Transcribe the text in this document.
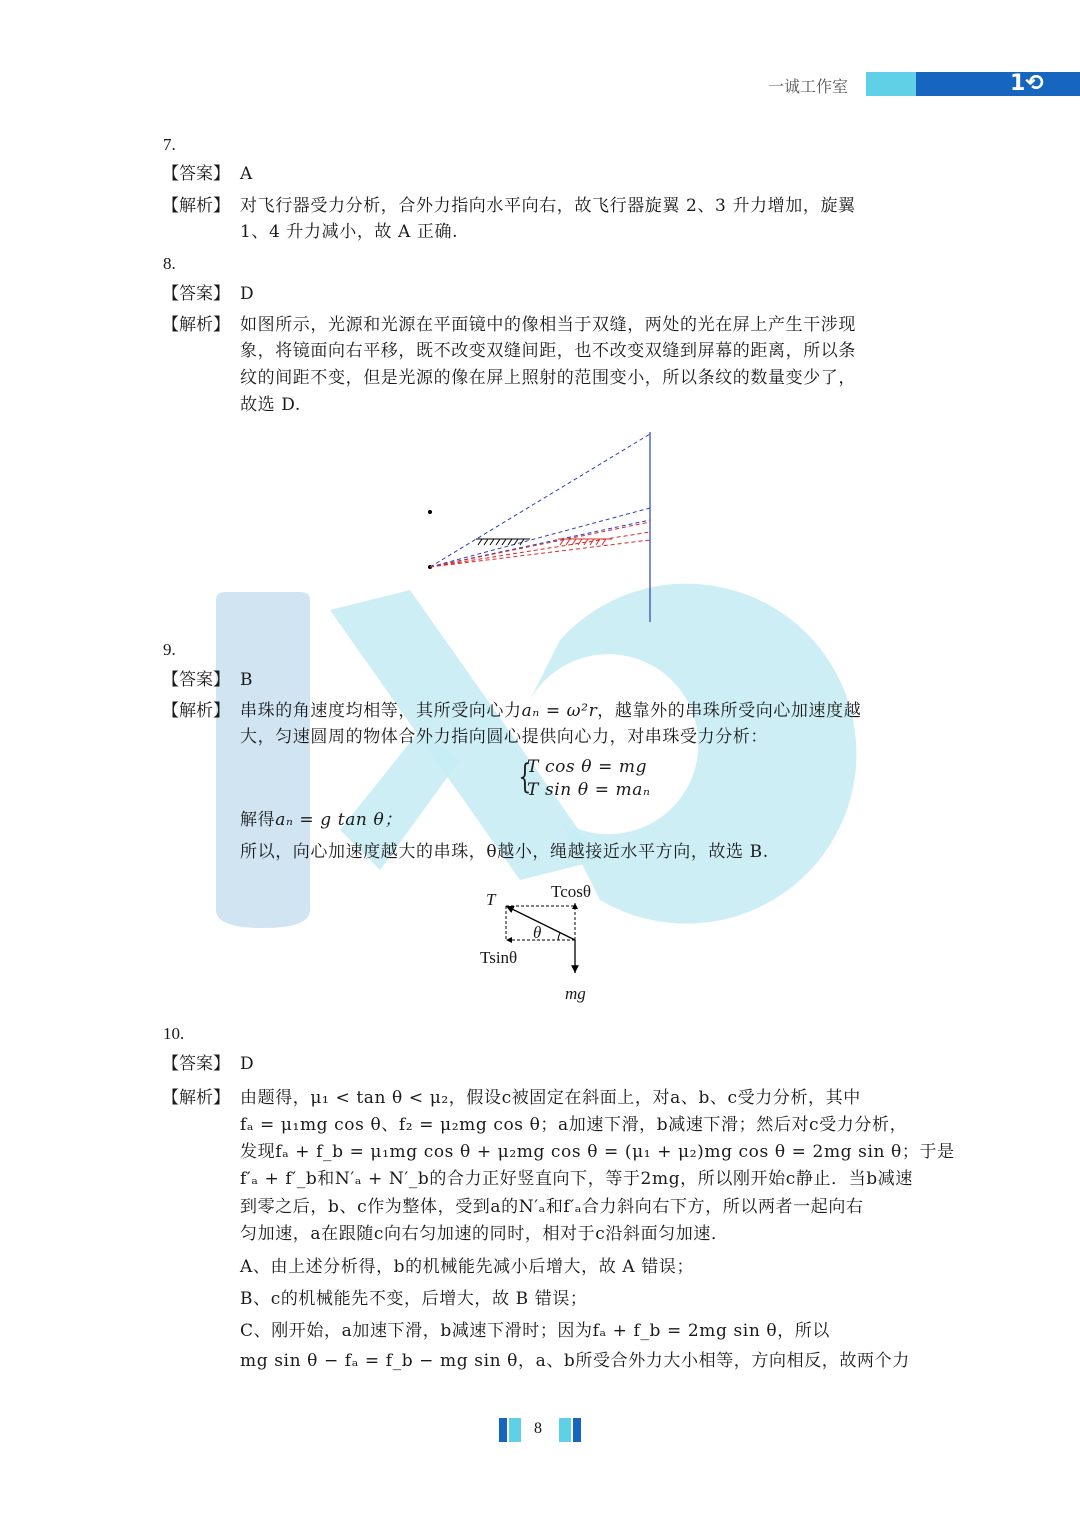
一诚工作室	1⟲
7.
【答案】 A
【解析】 对飞行器受力分析，合外力指向水平向右，故飞行器旋翼 2、3 升力增加，旋翼
1、4 升力减小，故 A 正确.
8.
【答案】 D
【解析】 如图所示，光源和光源在平面镜中的像相当于双缝，两处的光在屏上产生干涉现
象，将镜面向右平移，既不改变双缝间距，也不改变双缝到屏幕的距离，所以条
纹的间距不变，但是光源的像在屏上照射的范围变小，所以条纹的数量变少了，
故选 D.
9.
【答案】 B
【解析】 串珠的角速度均相等，其所受向心力aₙ = ω²r，越靠外的串珠所受向心加速度越
大，匀速圆周的物体合外力指向圆心提供向心力，对串珠受力分析：
{
T cos θ = mg
T sin θ = maₙ
解得aₙ = g tan θ；
所以，向心加速度越大的串珠，θ越小，绳越接近水平方向，故选 B.
T	Tcosθ
θ
Tsinθ
mg
10.
【答案】 D
【解析】 由题得，μ₁ < tan θ < μ₂，假设c被固定在斜面上，对a、b、c受力分析，其中
fₐ = μ₁mg cos θ、f₂ = μ₂mg cos θ；a加速下滑，b减速下滑；然后对c受力分析，
发现fₐ + f_b = μ₁mg cos θ + μ₂mg cos θ = (μ₁ + μ₂)mg cos θ = 2mg sin θ；于是
f′ₐ + f′_b和N′ₐ + N′_b的合力正好竖直向下，等于2mg，所以刚开始c静止．当b减速
到零之后，b、c作为整体，受到a的N′ₐ和f′ₐ合力斜向右下方，所以两者一起向右
匀加速，a在跟随c向右匀加速的同时，相对于c沿斜面匀加速．
A、由上述分析得，b的机械能先减小后增大，故 A 错误；
B、c的机械能先不变，后增大，故 B 错误；
C、刚开始，a加速下滑，b减速下滑时；因为fₐ + f_b = 2mg sin θ，所以
mg sin θ − fₐ = f_b − mg sin θ，a、b所受合外力大小相等，方向相反，故两个力
8
